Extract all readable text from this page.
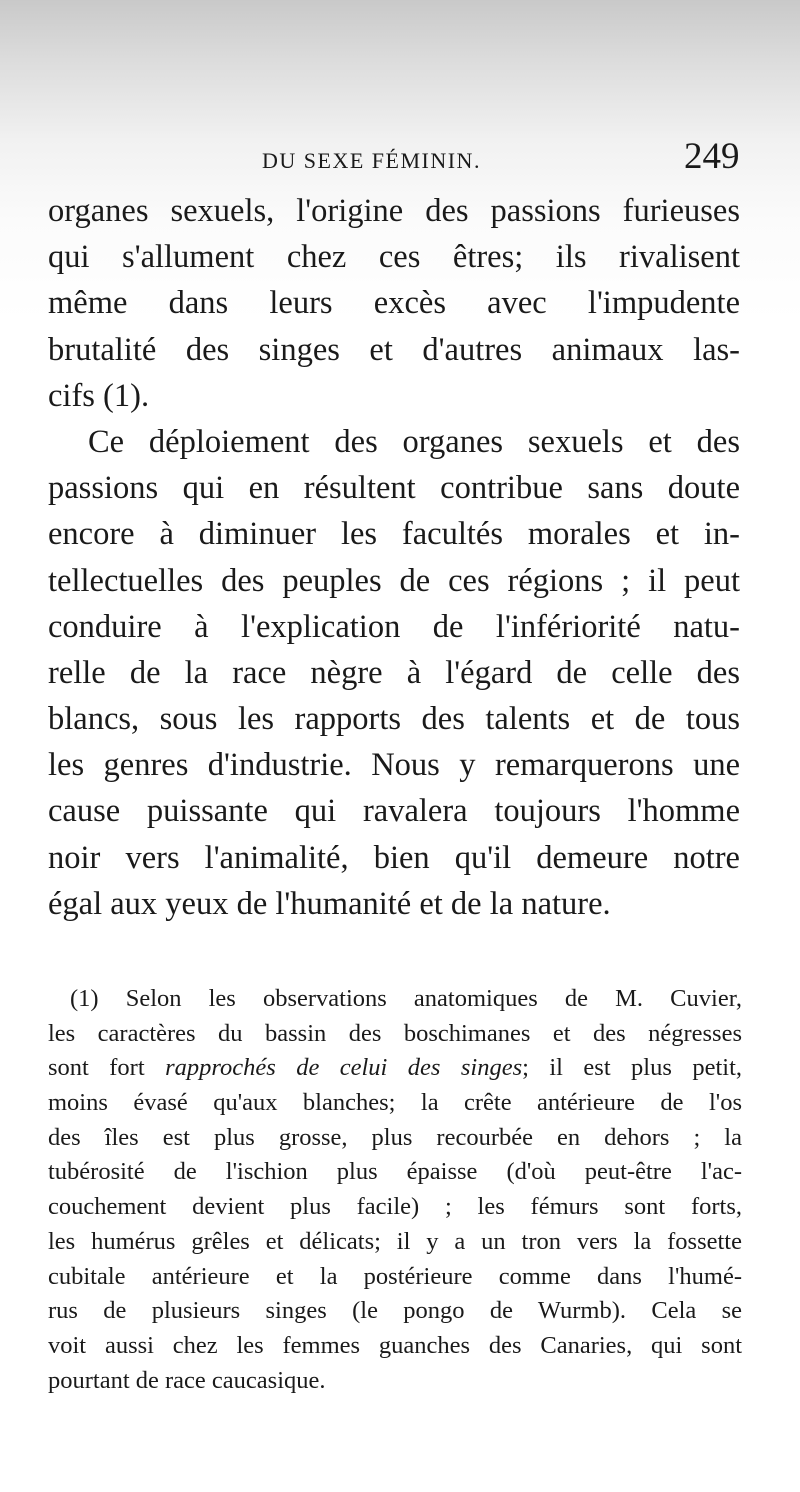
DU SEXE FÉMININ.	249
organes sexuels, l'origine des passions furieuses
qui s'allument chez ces êtres; ils rivalisent
même dans leurs excès avec l'impudente
brutalité des singes et d'autres animaux las-
cifs (1).
Ce déploiement des organes sexuels et des
passions qui en résultent contribue sans doute
encore à diminuer les facultés morales et in-
tellectuelles des peuples de ces régions ; il peut
conduire à l'explication de l'infériorité natu-
relle de la race nègre à l'égard de celle des
blancs, sous les rapports des talents et de tous
les genres d'industrie. Nous y remarquerons une
cause puissante qui ravalera toujours l'homme
noir vers l'animalité, bien qu'il demeure notre
égal aux yeux de l'humanité et de la nature.
(1) Selon les observations anatomiques de M. Cuvier,
les caractères du bassin des boschimanes et des négresses
sont fort rapprochés de celui des singes; il est plus petit,
moins évasé qu'aux blanches; la crête antérieure de l'os
des îles est plus grosse, plus recourbée en dehors ; la
tubérosité de l'ischion plus épaisse (d'où peut-être l'ac-
couchement devient plus facile) ; les fémurs sont forts,
les humérus grêles et délicats; il y a un tron vers la fossette
cubitale antérieure et la postérieure comme dans l'humé-
rus de plusieurs singes (le pongo de Wurmb). Cela se
voit aussi chez les femmes guanches des Canaries, qui sont
pourtant de race caucasique.
